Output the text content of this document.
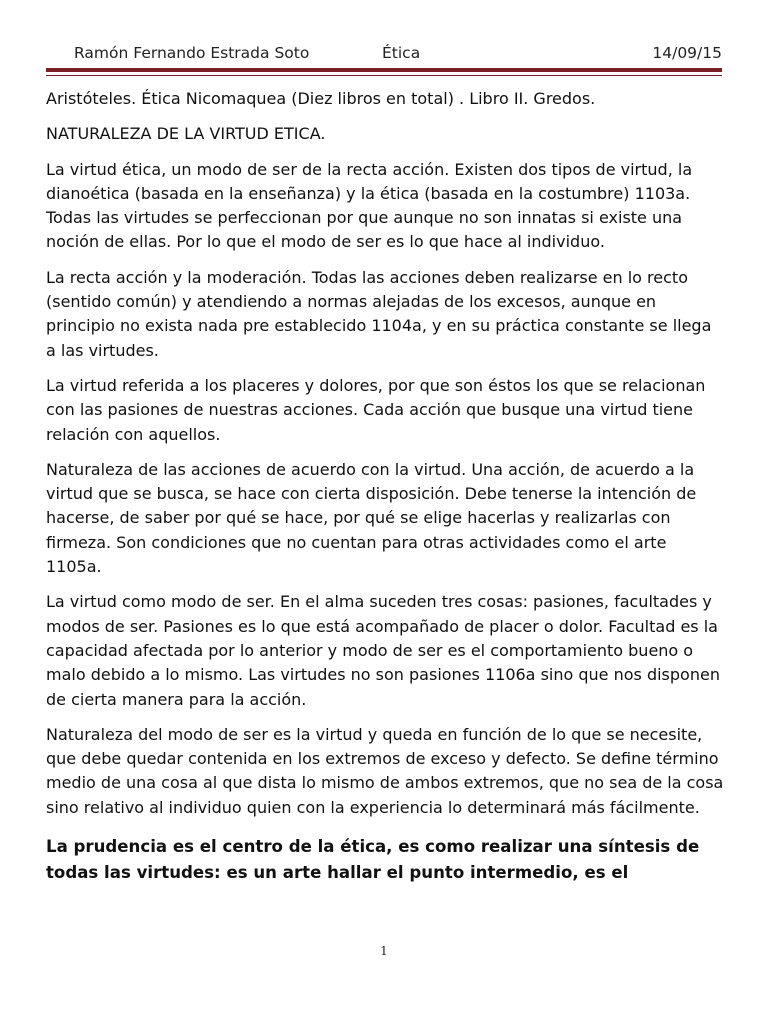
Ramón Fernando Estrada Soto	Ética	14/09/15

Aristóteles. Ética Nicomaquea (Diez libros en total) . Libro II. Gredos.

NATURALEZA DE LA VIRTUD ETICA.

La virtud ética, un modo de ser de la recta acción. Existen dos tipos de virtud, la dianoética (basada en la enseñanza) y la ética (basada en la costumbre) 1103a. Todas las virtudes se perfeccionan por que aunque no son innatas si existe una noción de ellas. Por lo que el modo de ser es lo que hace al individuo.

La recta acción y la moderación. Todas las acciones deben realizarse en lo recto (sentido común) y atendiendo a normas alejadas de los excesos, aunque en principio no exista nada pre establecido 1104a, y en su práctica constante se llega a las virtudes.

La virtud referida a los placeres y dolores, por que son éstos los que se relacionan con las pasiones de nuestras acciones. Cada acción que busque una virtud tiene relación con aquellos.

Naturaleza de las acciones de acuerdo con la virtud. Una acción, de acuerdo a la virtud que se busca, se hace con cierta disposición. Debe tenerse la intención de hacerse, de saber por qué se hace, por qué se elige hacerlas y realizarlas con firmeza. Son condiciones que no cuentan para otras actividades como el arte 1105a.

La virtud como modo de ser. En el alma suceden tres cosas: pasiones, facultades y modos de ser. Pasiones es lo que está acompañado de placer o dolor. Facultad es la capacidad afectada por lo anterior y modo de ser es el comportamiento bueno o malo debido a lo mismo. Las virtudes no son pasiones 1106a sino que nos disponen de cierta manera para la acción.

Naturaleza del modo de ser es la virtud y queda en función de lo que se necesite, que debe quedar contenida en los extremos de exceso y defecto. Se define término medio de una cosa al que dista lo mismo de ambos extremos, que no sea de la cosa sino relativo al individuo quien con la experiencia lo determinará más fácilmente.

La prudencia es el centro de la ética, es como realizar una síntesis de todas las virtudes: es un arte hallar el punto intermedio, es el

1
